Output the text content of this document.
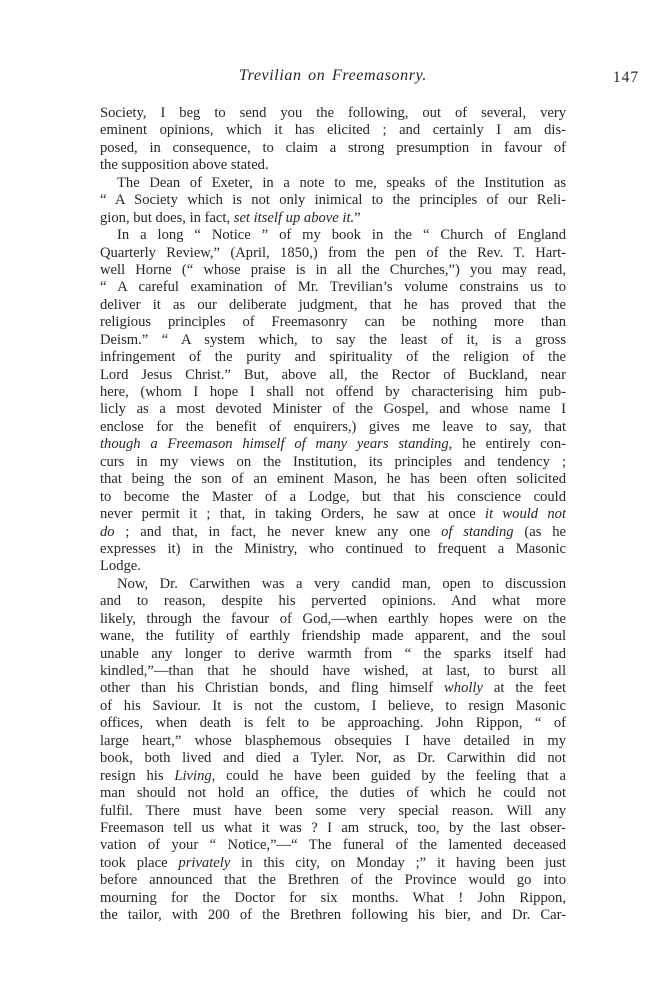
Trevilian on Freemasonry.	147
Society, I beg to send you the following, out of several, very
eminent opinions, which it has elicited ; and certainly I am dis-
posed, in consequence, to claim a strong presumption in favour of
the supposition above stated.
The Dean of Exeter, in a note to me, speaks of the Institution as
“ A Society which is not only inimical to the principles of our Reli-
gion, but does, in fact, set itself up above it.”
In a long “ Notice ” of my book in the “ Church of England
Quarterly Review,” (April, 1850,) from the pen of the Rev. T. Hart-
well Horne (“ whose praise is in all the Churches,”) you may read,
“ A careful examination of Mr. Trevilian’s volume constrains us to
deliver it as our deliberate judgment, that he has proved that the
religious principles of Freemasonry can be nothing more than
Deism.” “ A system which, to say the least of it, is a gross
infringement of the purity and spirituality of the religion of the
Lord Jesus Christ.” But, above all, the Rector of Buckland, near
here, (whom I hope I shall not offend by characterising him pub-
licly as a most devoted Minister of the Gospel, and whose name I
enclose for the benefit of enquirers,) gives me leave to say, that
though a Freemason himself of many years standing, he entirely con-
curs in my views on the Institution, its principles and tendency ;
that being the son of an eminent Mason, he has been often solicited
to become the Master of a Lodge, but that his conscience could
never permit it ; that, in taking Orders, he saw at once it would not
do ; and that, in fact, he never knew any one of standing (as he
expresses it) in the Ministry, who continued to frequent a Masonic
Lodge.
Now, Dr. Carwithen was a very candid man, open to discussion
and to reason, despite his perverted opinions. And what more
likely, through the favour of God,—when earthly hopes were on the
wane, the futility of earthly friendship made apparent, and the soul
unable any longer to derive warmth from “ the sparks itself had
kindled,”—than that he should have wished, at last, to burst all
other than his Christian bonds, and fling himself wholly at the feet
of his Saviour. It is not the custom, I believe, to resign Masonic
offices, when death is felt to be approaching. John Rippon, “ of
large heart,” whose blasphemous obsequies I have detailed in my
book, both lived and died a Tyler. Nor, as Dr. Carwithin did not
resign his Living, could he have been guided by the feeling that a
man should not hold an office, the duties of which he could not
fulfil. There must have been some very special reason. Will any
Freemason tell us what it was ? I am struck, too, by the last obser-
vation of your “ Notice,”—“ The funeral of the lamented deceased
took place privately in this city, on Monday ;” it having been just
before announced that the Brethren of the Province would go into
mourning for the Doctor for six months. What ! John Rippon,
the tailor, with 200 of the Brethren following his bier, and Dr. Car-
